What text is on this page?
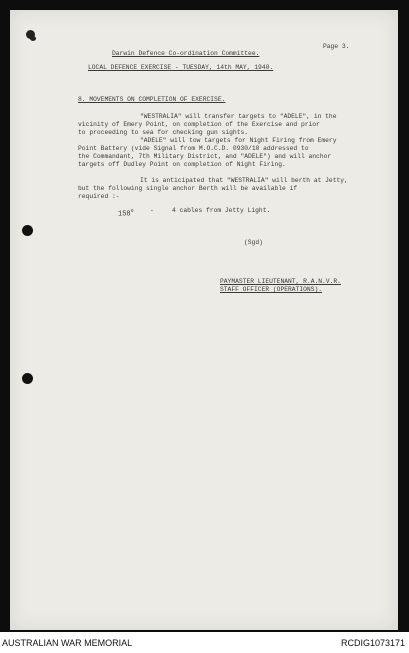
Page 3.
Darwin Defence Co-ordination Committee.
LOCAL DEFENCE EXERCISE - TUESDAY, 14th MAY, 1940.
8. MOVEMENTS ON COMPLETION OF EXERCISE.
"WESTRALIA" will transfer targets to "ADELE", in the
vicinity of Emery Point, on completion of the Exercise and prior
to proceeding to sea for checking gun sights.
"ADELE" will tow targets for Night Firing from Emery
Point Battery (vide Signal from M.O.C.D. 0930/10 addressed to
the Commandant, 7th Military District, and "ADELE") and will anchor
targets off Dudley Point on completion of Night Firing.
It is anticipated that "WESTRALIA" will berth at Jetty,
but the following single anchor Berth will be available if
required :-
158$^o$	-	4 cables from Jetty Light.
(Sgd)
PAYMASTER LIEUTENANT, R.A.N.V.R.
STAFF OFFICER (OPERATIONS).
AUSTRALIAN WAR MEMORIAL	RCDIG1073171
